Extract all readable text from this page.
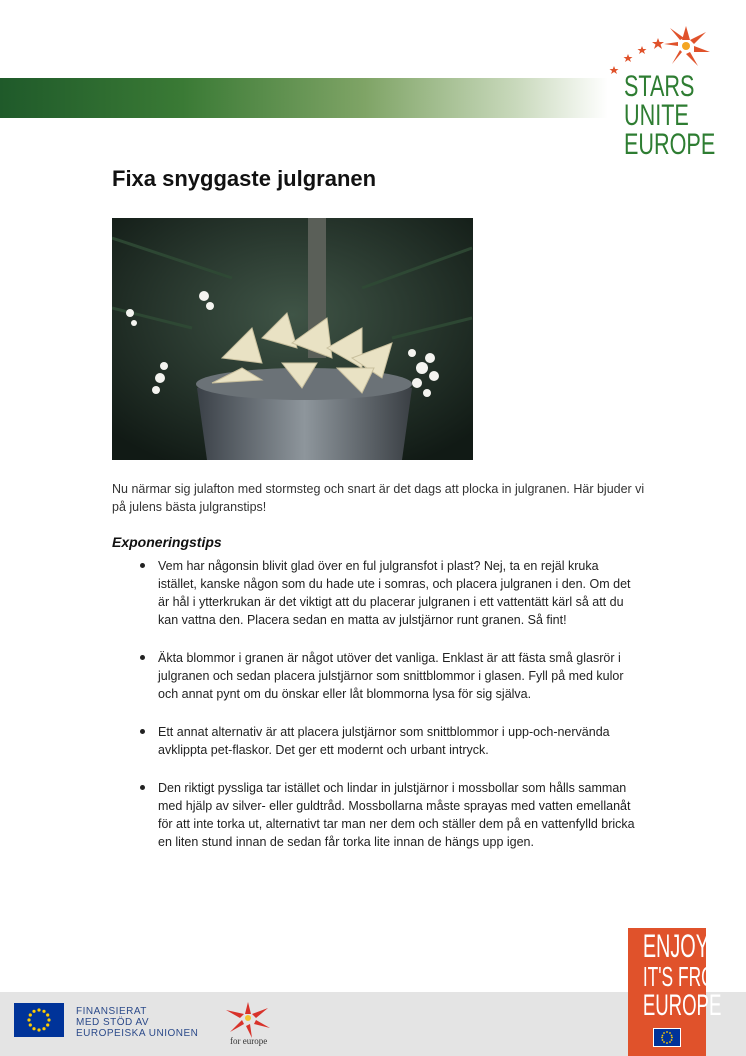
STARS
UNITE
EUROPE
Fixa snyggaste julgranen

Nu närmar sig julafton med stormsteg och snart är det dags att plocka in julgranen. Här bjuder vi på julens bästa julgranstips!

Exponeringstips
Vem har någonsin blivit glad över en ful julgransfot i plast? Nej, ta en rejäl kruka istället, kanske någon som du hade ute i somras, och placera julgranen i den. Om det är hål i ytterkrukan är det viktigt att du placerar julgranen i ett vattentätt kärl så att du kan vattna den. Placera sedan en matta av julstjärnor runt granen. Så fint!
Äkta blommor i granen är något utöver det vanliga. Enklast är att fästa små glasrör i julgranen och sedan placera julstjärnor som snittblommor i glasen. Fyll på med kulor och annat pynt om du önskar eller låt blommorna lysa för sig själva.
Ett annat alternativ är att placera julstjärnor som snittblommor i upp-och-nervända avklippta pet-flaskor. Det ger ett modernt och urbant intryck.
Den riktigt pyssliga tar istället och lindar in julstjärnor i mossbollar som hålls samman med hjälp av silver- eller guldtråd. Mossbollarna måste sprayas med vatten emellanåt för att inte torka ut, alternativt tar man ner dem och ställer dem på en vattenfylld bricka en liten stund innan de sedan får torka lite innan de hängs upp igen.
FINANSIERAT
MED STÖD AV
EUROPEISKA UNIONEN
for europe
ENJOY
IT'S FROM
EUROPE
